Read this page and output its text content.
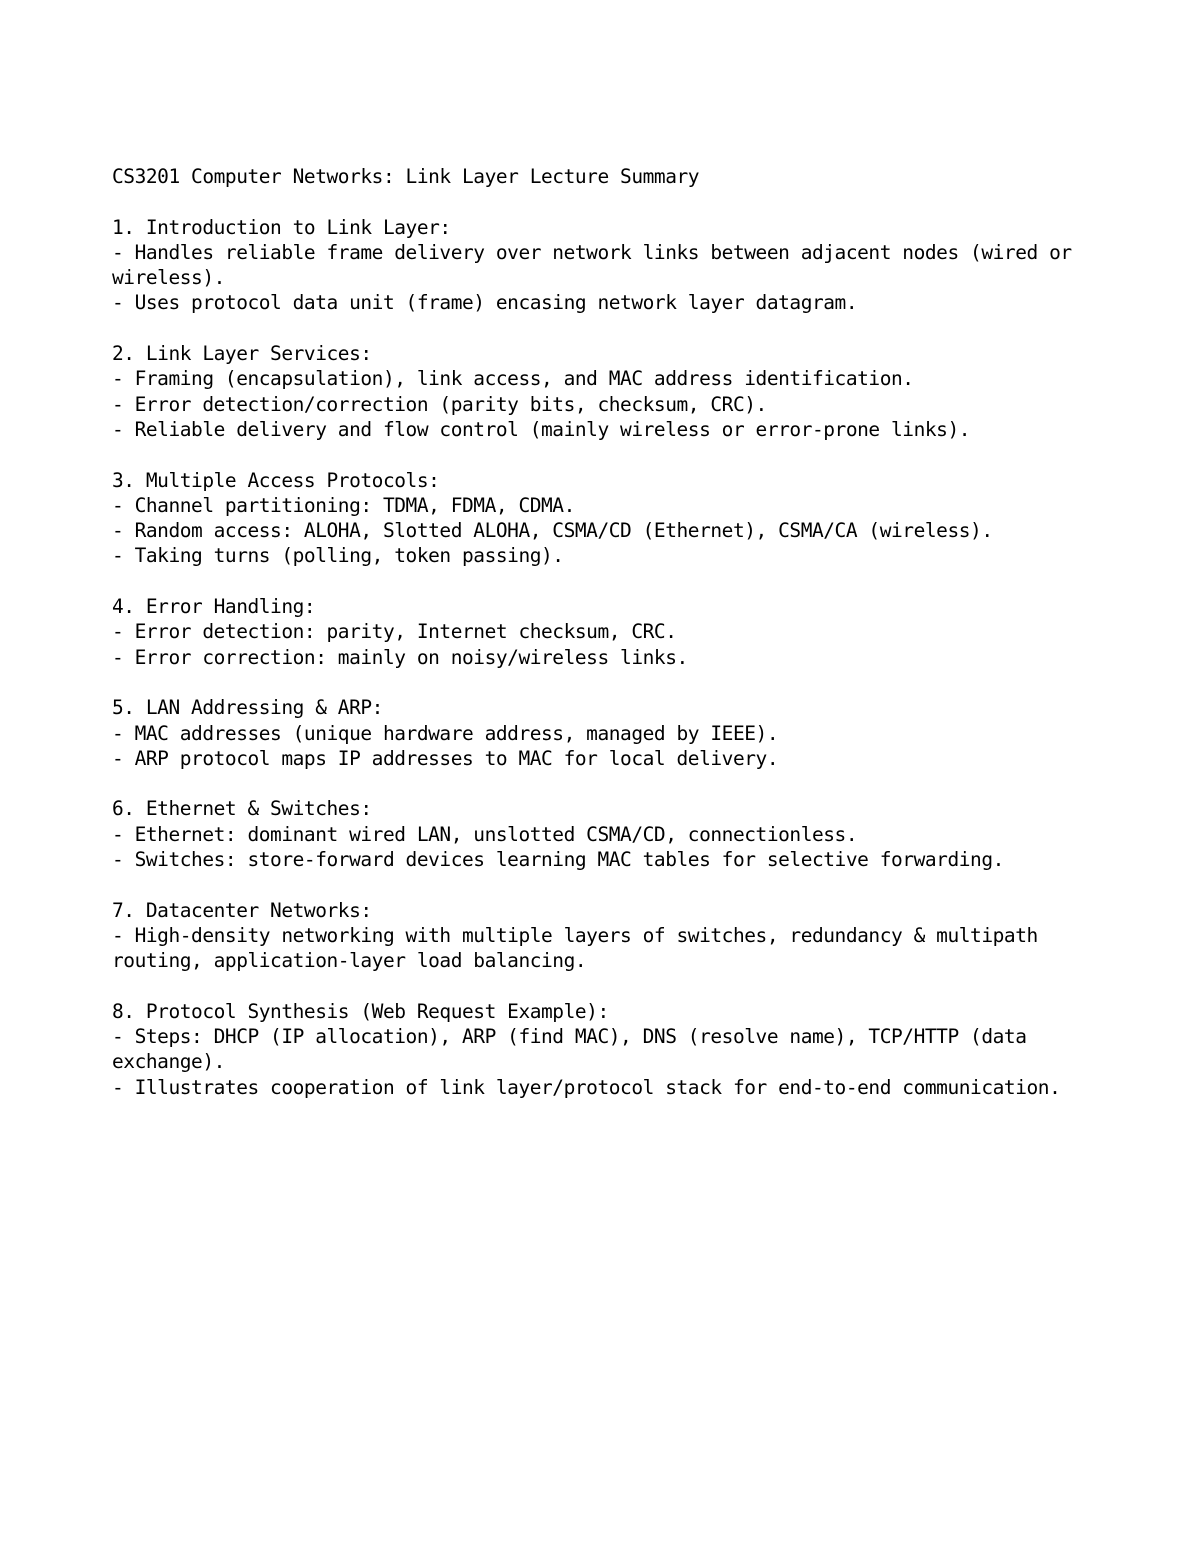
CS3201 Computer Networks: Link Layer Lecture Summary
1. Introduction to Link Layer:
- Handles reliable frame delivery over network links between adjacent nodes (wired or wireless).
- Uses protocol data unit (frame) encasing network layer datagram.
2. Link Layer Services:
- Framing (encapsulation), link access, and MAC address identification.
- Error detection/correction (parity bits, checksum, CRC).
- Reliable delivery and flow control (mainly wireless or error-prone links).
3. Multiple Access Protocols:
- Channel partitioning: TDMA, FDMA, CDMA.
- Random access: ALOHA, Slotted ALOHA, CSMA/CD (Ethernet), CSMA/CA (wireless).
- Taking turns (polling, token passing).
4. Error Handling:
- Error detection: parity, Internet checksum, CRC.
- Error correction: mainly on noisy/wireless links.
5. LAN Addressing & ARP:
- MAC addresses (unique hardware address, managed by IEEE).
- ARP protocol maps IP addresses to MAC for local delivery.
6. Ethernet & Switches:
- Ethernet: dominant wired LAN, unslotted CSMA/CD, connectionless.
- Switches: store-forward devices learning MAC tables for selective forwarding.
7. Datacenter Networks:
- High-density networking with multiple layers of switches, redundancy & multipath routing, application-layer load balancing.
8. Protocol Synthesis (Web Request Example):
- Steps: DHCP (IP allocation), ARP (find MAC), DNS (resolve name), TCP/HTTP (data exchange).
- Illustrates cooperation of link layer/protocol stack for end-to-end communication.
